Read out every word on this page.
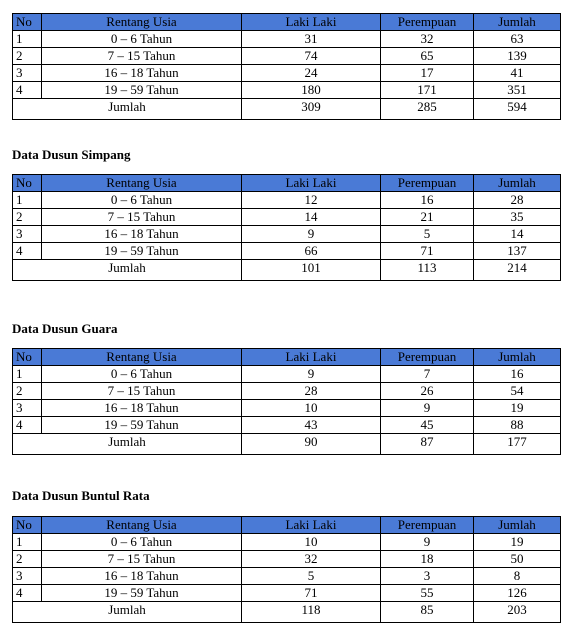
No	Rentang Usia	Laki Laki	Perempuan	Jumlah
1	0 – 6 Tahun	31	32	63
2	7 – 15 Tahun	74	65	139
3	16 – 18 Tahun	24	17	41
4	19 – 59 Tahun	180	171	351
Jumlah		309	285	594
Data Dusun Simpang
No	Rentang Usia	Laki Laki	Perempuan	Jumlah
1	0 – 6 Tahun	12	16	28
2	7 – 15 Tahun	14	21	35
3	16 – 18 Tahun	9	5	14
4	19 – 59 Tahun	66	71	137
Jumlah		101	113	214
Data Dusun Guara
No	Rentang Usia	Laki Laki	Perempuan	Jumlah
1	0 – 6 Tahun	9	7	16
2	7 – 15 Tahun	28	26	54
3	16 – 18 Tahun	10	9	19
4	19 – 59 Tahun	43	45	88
Jumlah		90	87	177
Data Dusun Buntul Rata
No	Rentang Usia	Laki Laki	Perempuan	Jumlah
1	0 – 6 Tahun	10	9	19
2	7 – 15 Tahun	32	18	50
3	16 – 18 Tahun	5	3	8
4	19 – 59 Tahun	71	55	126
Jumlah		118	85	203
